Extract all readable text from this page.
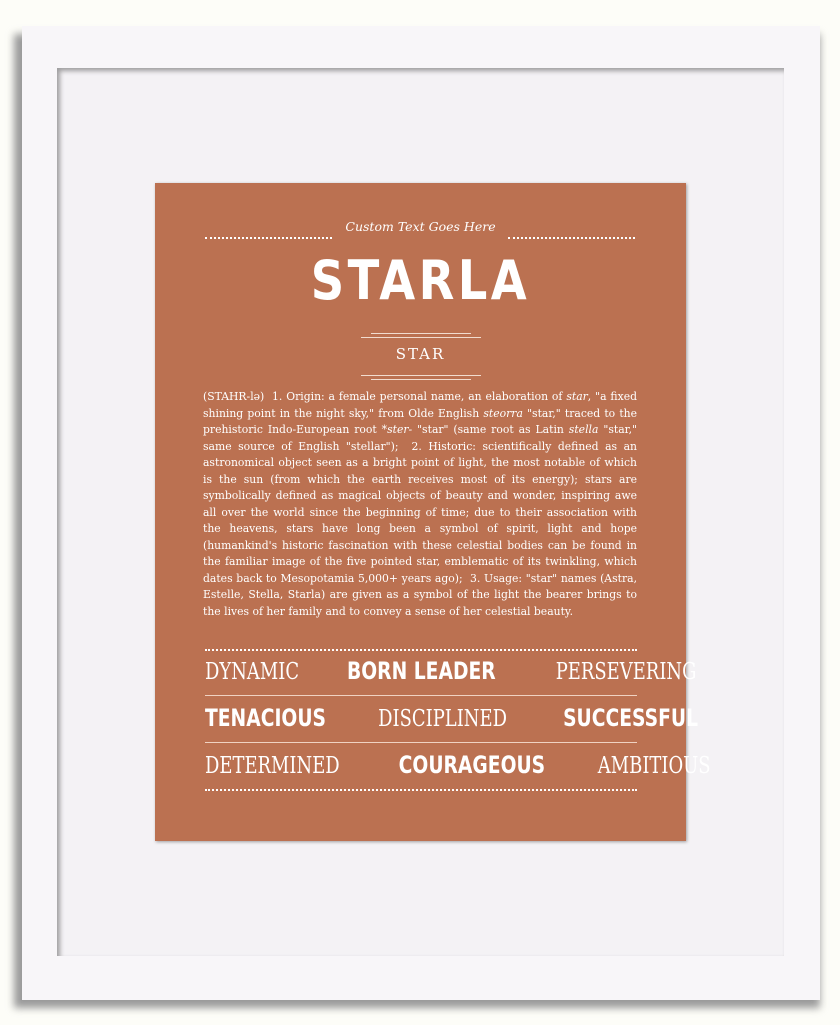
Custom Text Goes Here
STARLA
STAR
(STAHR-lə) 1. Origin: a female personal name, an elaboration of star, "a fixed shining point in the night sky," from Olde English steorra "star," traced to the prehistoric Indo-European root *ster- "star" (same root as Latin stella "star," same source of English "stellar"); 2. Historic: scientifically defined as an astronomical object seen as a bright point of light, the most notable of which is the sun (from which the earth receives most of its energy); stars are symbolically defined as magical objects of beauty and wonder, inspiring awe all over the world since the beginning of time; due to their association with the heavens, stars have long been a symbol of spirit, light and hope (humankind's historic fascination with these celestial bodies can be found in the familiar image of the five pointed star, emblematic of its twinkling, which dates back to Mesopotamia 5,000+ years ago); 3. Usage: "star" names (Astra, Estelle, Stella, Starla) are given as a symbol of the light the bearer brings to the lives of her family and to convey a sense of her celestial beauty.
DYNAMIC BORN LEADER	PERSEVERING
TENACIOUS DISCIPLINED SUCCESSFUL
DETERMINED COURAGEOUS AMBITIOUS
